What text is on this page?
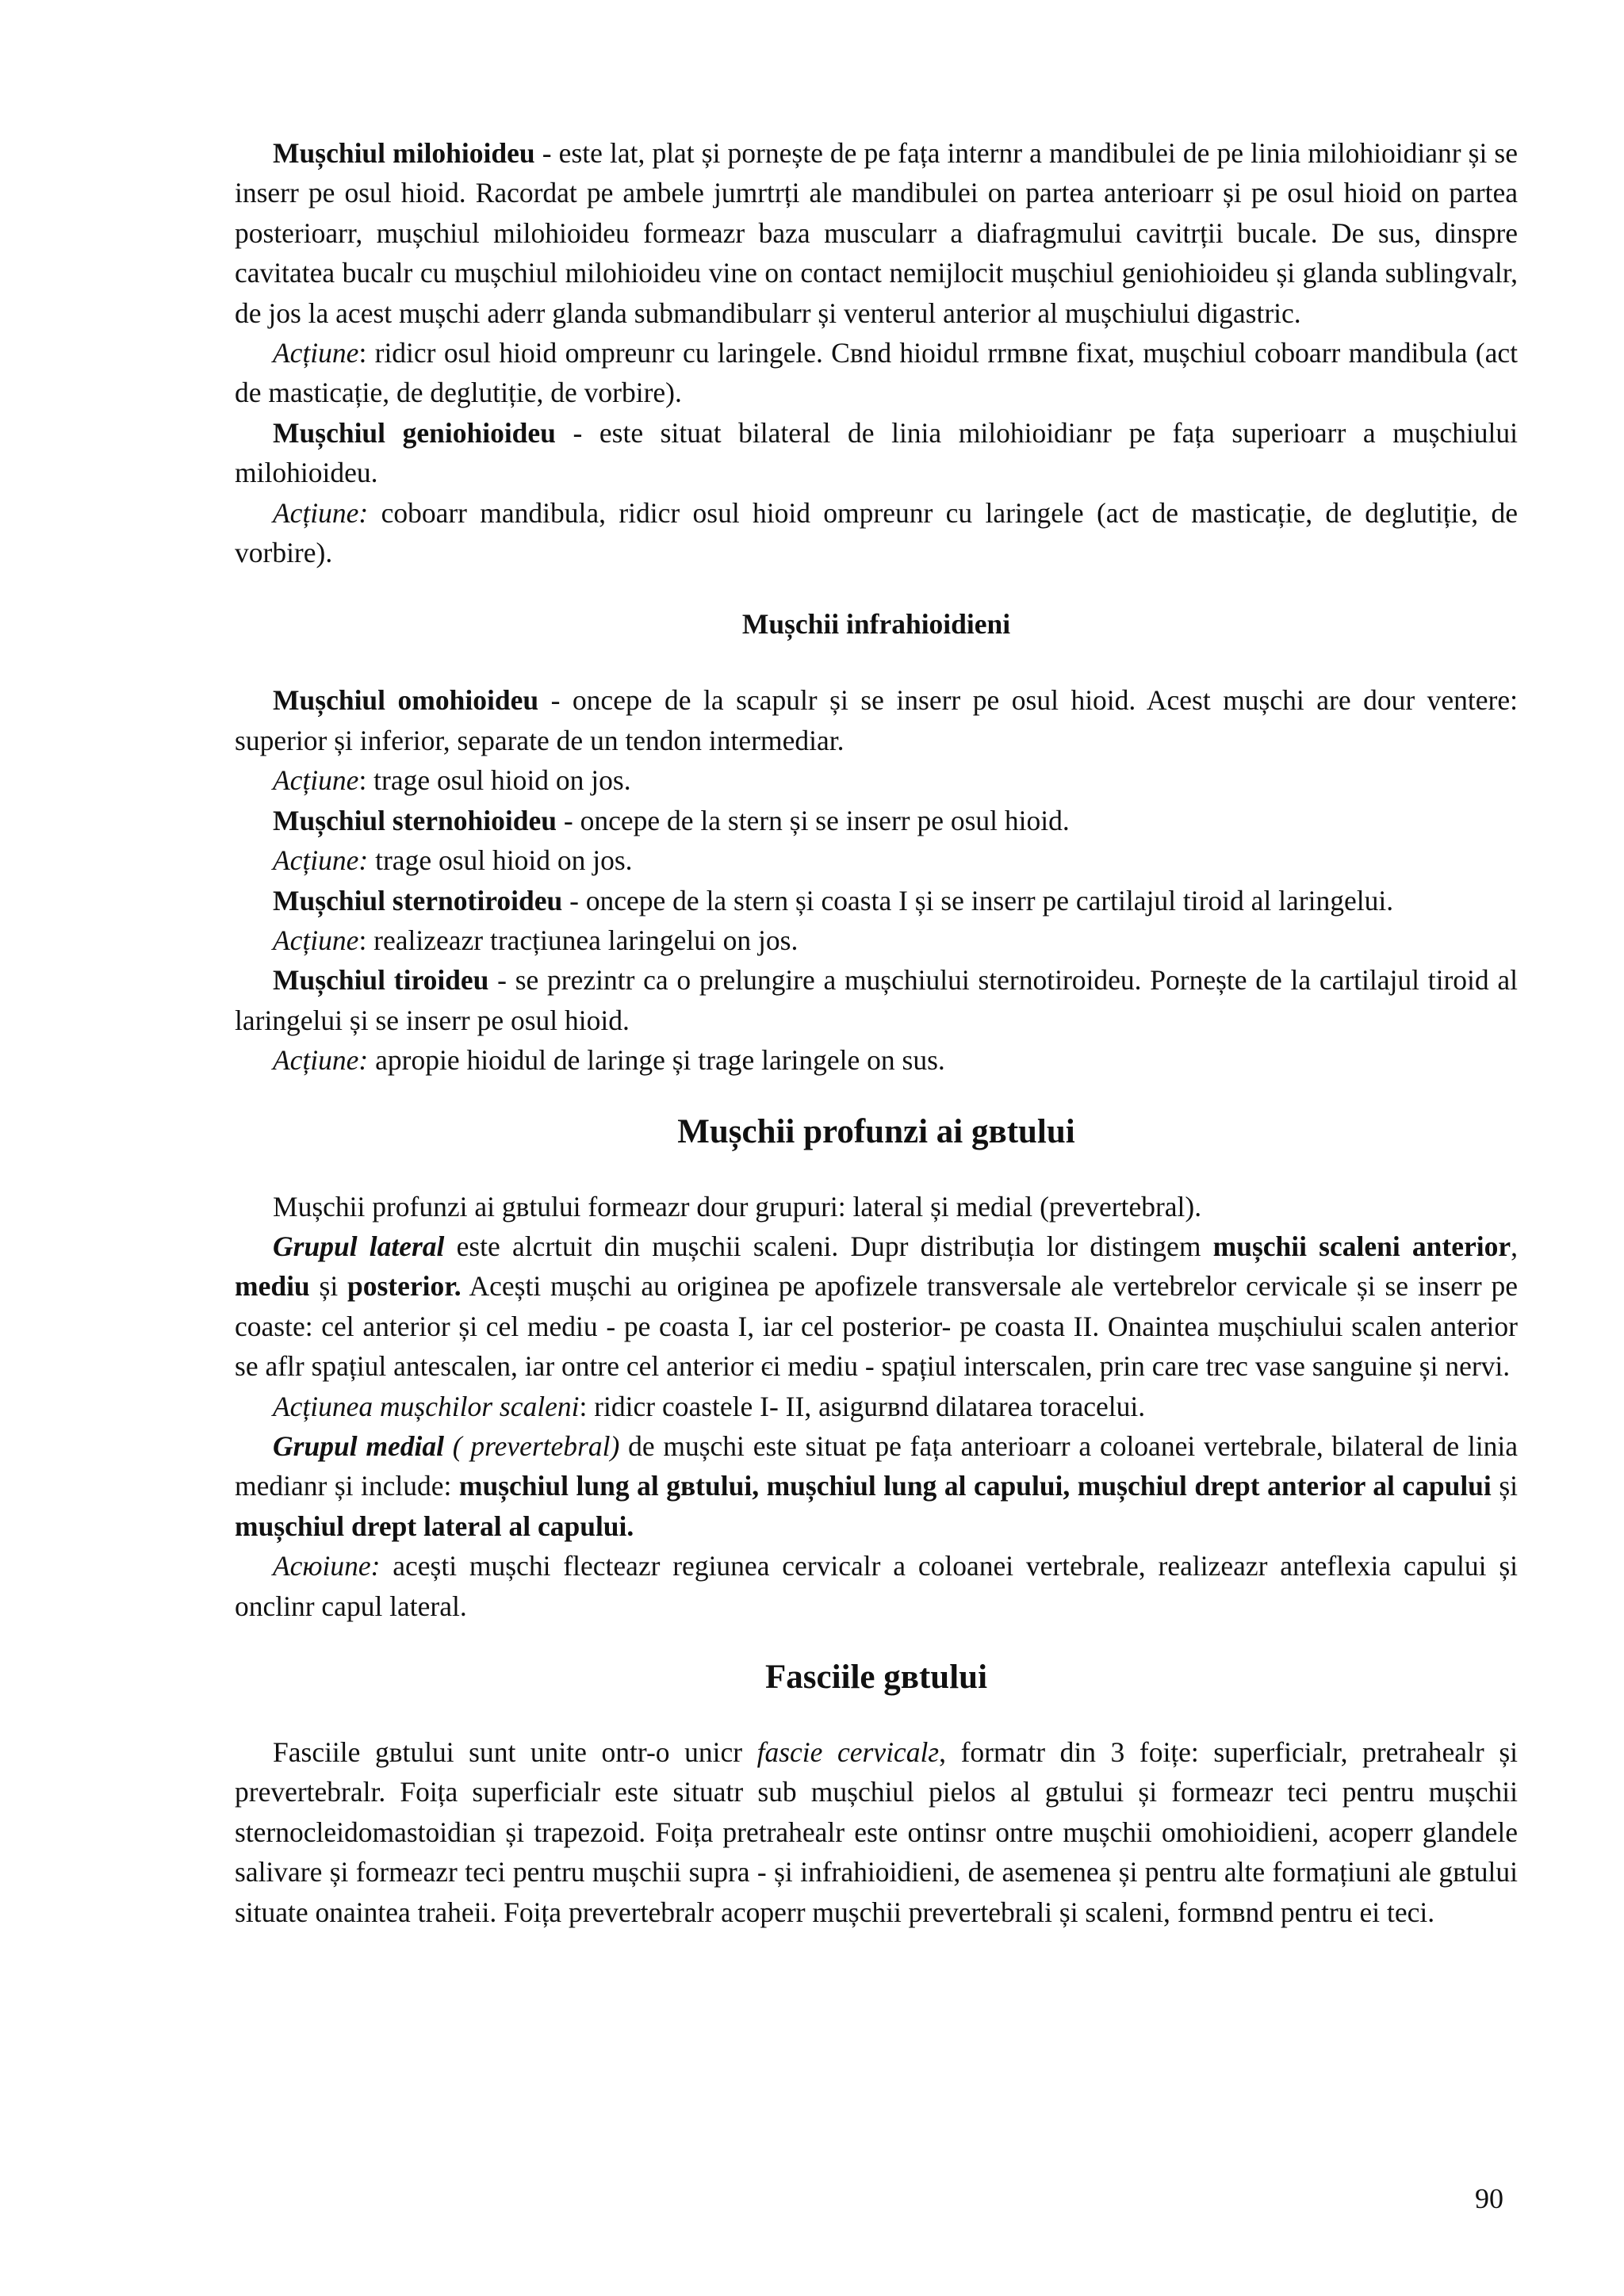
Mușchiul milohioideu - este lat, plat și pornește de pe fața internr a mandibulei de pe linia milohioidianr și se inserr pe osul hioid. Racordat pe ambele jumrtrți ale mandibulei on partea anterioarr și pe osul hioid on partea posterioarr, mușchiul milohioideu formeazr baza muscularr a diafragmului cavitrții bucale. De sus, dinspre cavitatea bucalr cu mușchiul milohioideu vine on contact nemijlocit mușchiul geniohioideu și glanda sublingvalr, de jos la acest mușchi aderr glanda submandibularr și venterul anterior al mușchiului digastric.

Acțiune: ridicr osul hioid ompreunr cu laringele. Cвnd hioidul rrmвne fixat, mușchiul coboarr mandibula (act de masticație, de deglutiție, de vorbire).

Mușchiul geniohioideu - este situat bilateral de linia milohioidianr pe fața superioarr a mușchiului milohioideu.

Acțiune: coboarr mandibula, ridicr osul hioid ompreunr cu laringele (act de masticație, de deglutiție, de vorbire).

Mușchii infrahioidieni

Mușchiul omohioideu - oncepe de la scapulr și se inserr pe osul hioid. Acest mușchi are dour ventere: superior și inferior, separate de un tendon intermediar.

Acțiune: trage osul hioid on jos.

Mușchiul sternohioideu - oncepe de la stern și se inserr pe osul hioid.

Acțiune: trage osul hioid on jos.

Mușchiul sternotiroideu - oncepe de la stern și coasta I și se inserr pe cartilajul tiroid al laringelui.

Acțiune: realizeazr tracțiunea laringelui on jos.

Mușchiul tiroideu - se prezintr ca o prelungire a mușchiului sternotiroideu. Pornește de la cartilajul tiroid al laringelui și se inserr pe osul hioid.

Acțiune: apropie hioidul de laringe și trage laringele on sus.

Mușchii profunzi ai gвtului

Mușchii profunzi ai gвtului formeazr dour grupuri: lateral și medial (prevertebral).

Grupul lateral este alcrtuit din mușchii scaleni. Dupr distribuția lor distingem mușchii scaleni anterior, mediu și posterior. Acești mușchi au originea pe apofizele transversale ale vertebrelor cervicale și se inserr pe coaste: cel anterior și cel mediu - pe coasta I, iar cel posterior- pe coasta II. Onaintea mușchiului scalen anterior se aflr spațiul antescalen, iar ontre cel anterior єi mediu - spațiul interscalen, prin care trec vase sanguine și nervi.

Acțiunea mușchilor scaleni: ridicr coastele I- II, asigurвnd dilatarea toracelui.

Grupul medial ( prevertebral) de mușchi este situat pe fața anterioarr a coloanei vertebrale, bilateral de linia medianr și include: mușchiul lung al gвtului, mușchiul lung al capului, mușchiul drept anterior al capului și mușchiul drept lateral al capului.

Acюiune: acești mușchi flecteazr regiunea cervicalr a coloanei vertebrale, realizeazr anteflexia capului și onclinr capul lateral.

Fasciile gвtului

Fasciile gвtului sunt unite ontr-o unicr fascie cervicalг, formatr din 3 foițe: superficialr, pretrahealr și prevertebralr. Foița superficialr este situatr sub mușchiul pielos al gвtului și formeazr teci pentru mușchii sternocleidomastoidian și trapezoid. Foița pretrahealr este ontinsr ontre mușchii omohioidieni, acoperr glandele salivare și formeazr teci pentru mușchii supra - și infrahioidieni, de asemenea și pentru alte formațiuni ale gвtului situate onaintea traheii. Foița prevertebralr acoperr mușchii prevertebrali și scaleni, formвnd pentru ei teci.

90
